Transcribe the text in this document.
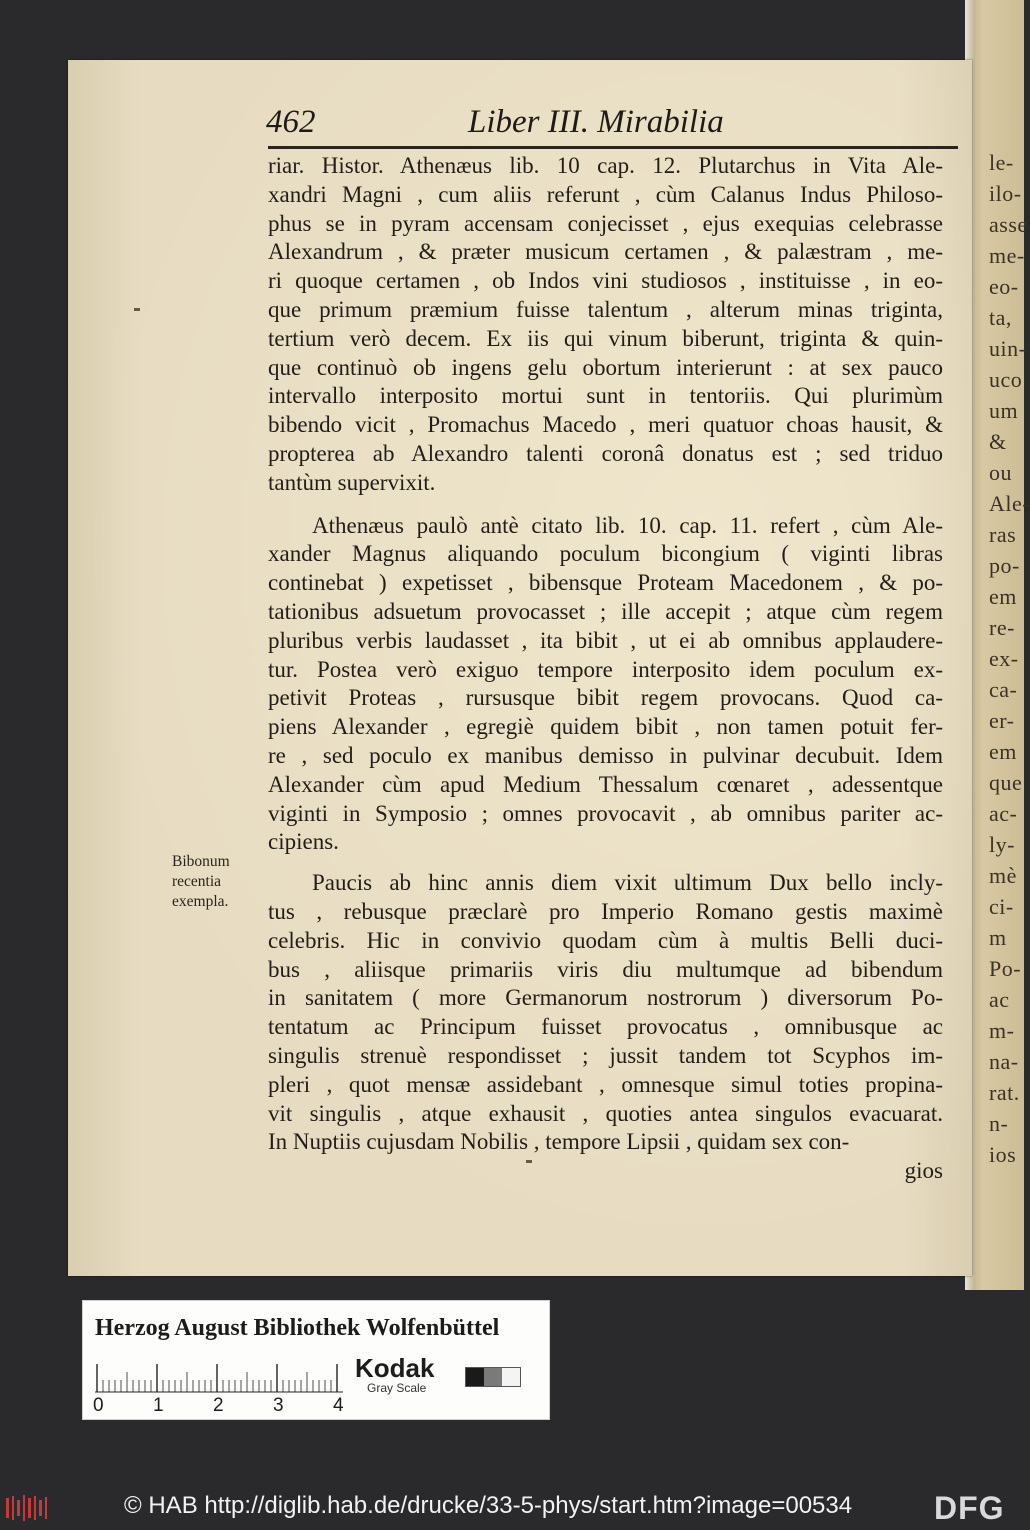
le-
ilo-
asse
me-
eo-
ta,
uin-
uco
um
&
ou
Ale-
ras
po-
em
re-
ex-
ca-
er-
em
que
ac-
ly-
mè
ci-
m
Po-
ac
m-
na-
rat.
n-
ios
462	Liber III. Mirabilia

riar. Histor. Athenæus lib. 10 cap. 12. Plutarchus in Vita Ale-
xandri Magni , cum aliis referunt , cùm Calanus Indus Philoso-
phus se in pyram accensam conjecisset , ejus exequias celebrasse
Alexandrum , & præter musicum certamen , & palæstram , me-
ri quoque certamen , ob Indos vini studiosos , instituisse , in eo-
que primum præmium fuisse talentum , alterum minas triginta,
tertium verò decem. Ex iis qui vinum biberunt, triginta & quin-
que continuò ob ingens gelu obortum interierunt : at sex pauco
intervallo interposito mortui sunt in tentoriis. Qui plurimùm
bibendo vicit , Promachus Macedo , meri quatuor choas hausit, &
propterea ab Alexandro talenti coronâ donatus est ; sed triduo
tantùm supervixit.

Athenæus paulò antè citato lib. 10. cap. 11. refert , cùm Ale-
xander Magnus aliquando poculum bicongium ( viginti libras
continebat ) expetisset , bibensque Proteam Macedonem , & po-
tationibus adsuetum provocasset ; ille accepit ; atque cùm regem
pluribus verbis laudasset , ita bibit , ut ei ab omnibus applaudere-
tur. Postea verò exiguo tempore interposito idem poculum ex-
petivit Proteas , rursusque bibit regem provocans. Quod ca-
piens Alexander , egregiè quidem bibit , non tamen potuit fer-
re , sed poculo ex manibus demisso in pulvinar decubuit. Idem
Alexander cùm apud Medium Thessalum cœnaret , adessentque
viginti in Symposio ; omnes provocavit , ab omnibus pariter ac-
cipiens.

Paucis ab hinc annis diem vixit ultimum Dux bello incly-
tus , rebusque præclarè pro Imperio Romano gestis maximè
celebris. Hic in convivio quodam cùm à multis Belli duci-
bus , aliisque primariis viris diu multumque ad bibendum
in sanitatem ( more Germanorum nostrorum ) diversorum Po-
tentatum ac Principum fuisset provocatus , omnibusque ac
singulis strenuè respondisset ; jussit tandem tot Scyphos im-
pleri , quot mensæ assidebant , omnesque simul toties propina-
vit singulis , atque exhausit , quoties antea singulos evacuarat.
In Nuptiis cujusdam Nobilis , tempore Lipsii , quidam sex con-

gios
Bibonum
recentia
exempla.
Herzog August Bibliothek Wolfenbüttel
0	1	2	3	4
Kodak
Gray Scale
© HAB http://diglib.hab.de/drucke/33-5-phys/start.htm?image=00534	DFG
